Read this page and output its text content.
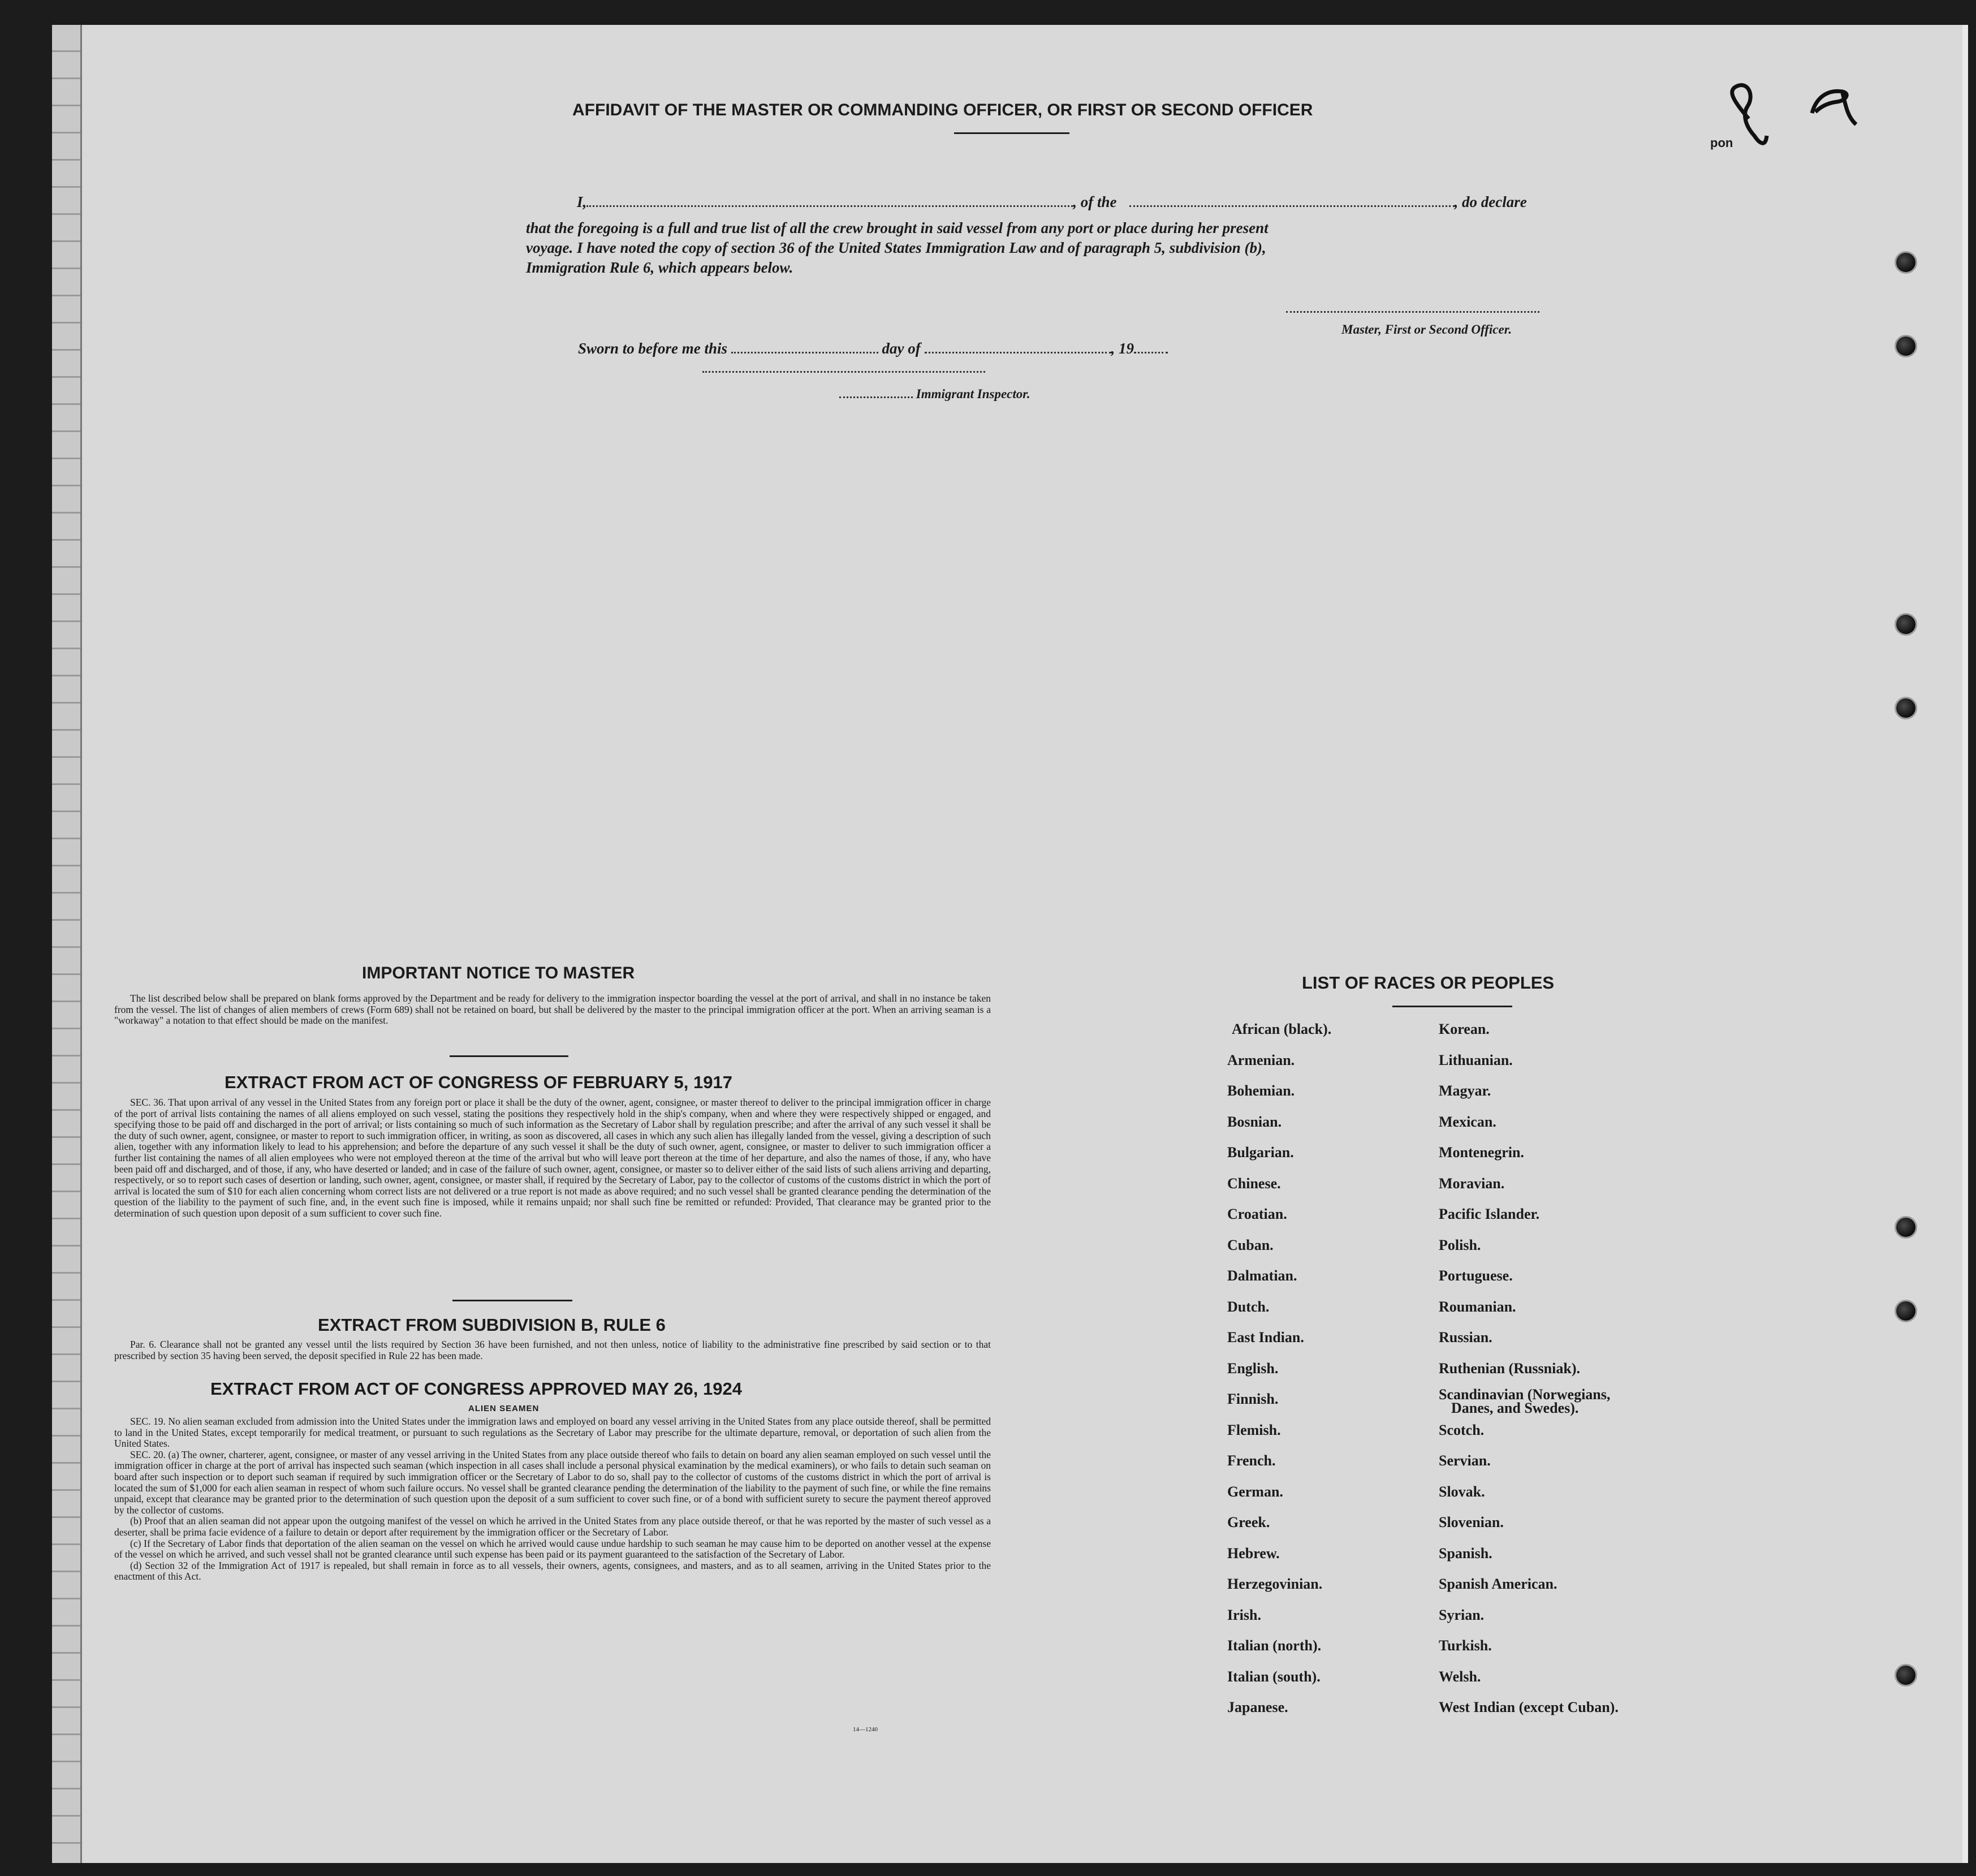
pon
AFFIDAVIT OF THE MASTER OR COMMANDING OFFICER, OR FIRST OR SECOND OFFICER
I,	, of the	, do declare
that the foregoing is a full and true list of all the crew brought in said vessel from any port or place during her present
voyage. I have noted the copy of section 36 of the United States Immigration Law and of paragraph 5, subdivision (b),
Immigration Rule 6, which appears below.
Master, First or Second Officer.
Sworn to before me this	day of	, 19
Immigrant Inspector.
IMPORTANT NOTICE TO MASTER

The list described below shall be prepared on blank forms approved by the Department and be ready for delivery to the immigration inspector boarding the vessel at the port of arrival, and shall in no instance be taken from the vessel. The list of changes of alien members of crews (Form 689) shall not be retained on board, but shall be delivered by the master to the principal immigration officer at the port. When an arriving seaman is a "workaway" a notation to that effect should be made on the manifest.

EXTRACT FROM ACT OF CONGRESS OF FEBRUARY 5, 1917

SEC. 36. That upon arrival of any vessel in the United States from any foreign port or place it shall be the duty of the owner, agent, consignee, or master thereof to deliver to the principal immigration officer in charge of the port of arrival lists containing the names of all aliens employed on such vessel, stating the positions they respectively hold in the ship's company, when and where they were respectively shipped or engaged, and specifying those to be paid off and discharged in the port of arrival; or lists containing so much of such information as the Secretary of Labor shall by regulation prescribe; and after the arrival of any such vessel it shall be the duty of such owner, agent, consignee, or master to report to such immigration officer, in writing, as soon as discovered, all cases in which any such alien has illegally landed from the vessel, giving a description of such alien, together with any information likely to lead to his apprehension; and before the departure of any such vessel it shall be the duty of such owner, agent, consignee, or master to deliver to such immigration officer a further list containing the names of all alien employees who were not employed thereon at the time of the arrival but who will leave port thereon at the time of her departure, and also the names of those, if any, who have been paid off and discharged, and of those, if any, who have deserted or landed; and in case of the failure of such owner, agent, consignee, or master so to deliver either of the said lists of such aliens arriving and departing, respectively, or so to report such cases of desertion or landing, such owner, agent, consignee, or master shall, if required by the Secretary of Labor, pay to the collector of customs of the customs district in which the port of arrival is located the sum of $10 for each alien concerning whom correct lists are not delivered or a true report is not made as above required; and no such vessel shall be granted clearance pending the determination of the question of the liability to the payment of such fine, and, in the event such fine is imposed, while it remains unpaid; nor shall such fine be remitted or refunded: Provided, That clearance may be granted prior to the determination of such question upon deposit of a sum sufficient to cover such fine.

EXTRACT FROM SUBDIVISION B, RULE 6

Par. 6. Clearance shall not be granted any vessel until the lists required by Section 36 have been furnished, and not then unless, notice of liability to the administrative fine prescribed by said section or to that prescribed by section 35 having been served, the deposit specified in Rule 22 has been made.

EXTRACT FROM ACT OF CONGRESS APPROVED MAY 26, 1924
ALIEN SEAMEN

SEC. 19. No alien seaman excluded from admission into the United States under the immigration laws and employed on board any vessel arriving in the United States from any place outside thereof, shall be permitted to land in the United States, except temporarily for medical treatment, or pursuant to such regulations as the Secretary of Labor may prescribe for the ultimate departure, removal, or deportation of such alien from the United States.

SEC. 20. (a) The owner, charterer, agent, consignee, or master of any vessel arriving in the United States from any place outside thereof who fails to detain on board any alien seaman employed on such vessel until the immigration officer in charge at the port of arrival has inspected such seaman (which inspection in all cases shall include a personal physical examination by the medical examiners), or who fails to detain such seaman on board after such inspection or to deport such seaman if required by such immigration officer or the Secretary of Labor to do so, shall pay to the collector of customs of the customs district in which the port of arrival is located the sum of $1,000 for each alien seaman in respect of whom such failure occurs. No vessel shall be granted clearance pending the determination of the liability to the payment of such fine, or while the fine remains unpaid, except that clearance may be granted prior to the determination of such question upon the deposit of a sum sufficient to cover such fine, or of a bond with sufficient surety to secure the payment thereof approved by the collector of customs.

(b) Proof that an alien seaman did not appear upon the outgoing manifest of the vessel on which he arrived in the United States from any place outside thereof, or that he was reported by the master of such vessel as a deserter, shall be prima facie evidence of a failure to detain or deport after requirement by the immigration officer or the Secretary of Labor.

(c) If the Secretary of Labor finds that deportation of the alien seaman on the vessel on which he arrived would cause undue hardship to such seaman he may cause him to be deported on another vessel at the expense of the vessel on which he arrived, and such vessel shall not be granted clearance until such expense has been paid or its payment guaranteed to the satisfaction of the Secretary of Labor.

(d) Section 32 of the Immigration Act of 1917 is repealed, but shall remain in force as to all vessels, their owners, agents, consignees, and masters, and as to all seamen, arriving in the United States prior to the enactment of this Act.

14—1240
LIST OF RACES OR PEOPLES
African (black).
Armenian.
Bohemian.
Bosnian.
Bulgarian.
Chinese.
Croatian.
Cuban.
Dalmatian.
Dutch.
East Indian.
English.
Finnish.
Flemish.
French.
German.
Greek.
Hebrew.
Herzegovinian.
Irish.
Italian (north).
Italian (south).
Japanese.
Korean.
Lithuanian.
Magyar.
Mexican.
Montenegrin.
Moravian.
Pacific Islander.
Polish.
Portuguese.
Roumanian.
Russian.
Ruthenian (Russniak).
Scandinavian (Norwegians,
Danes, and Swedes).
Scotch.
Servian.
Slovak.
Slovenian.
Spanish.
Spanish American.
Syrian.
Turkish.
Welsh.
West Indian (except Cuban).
